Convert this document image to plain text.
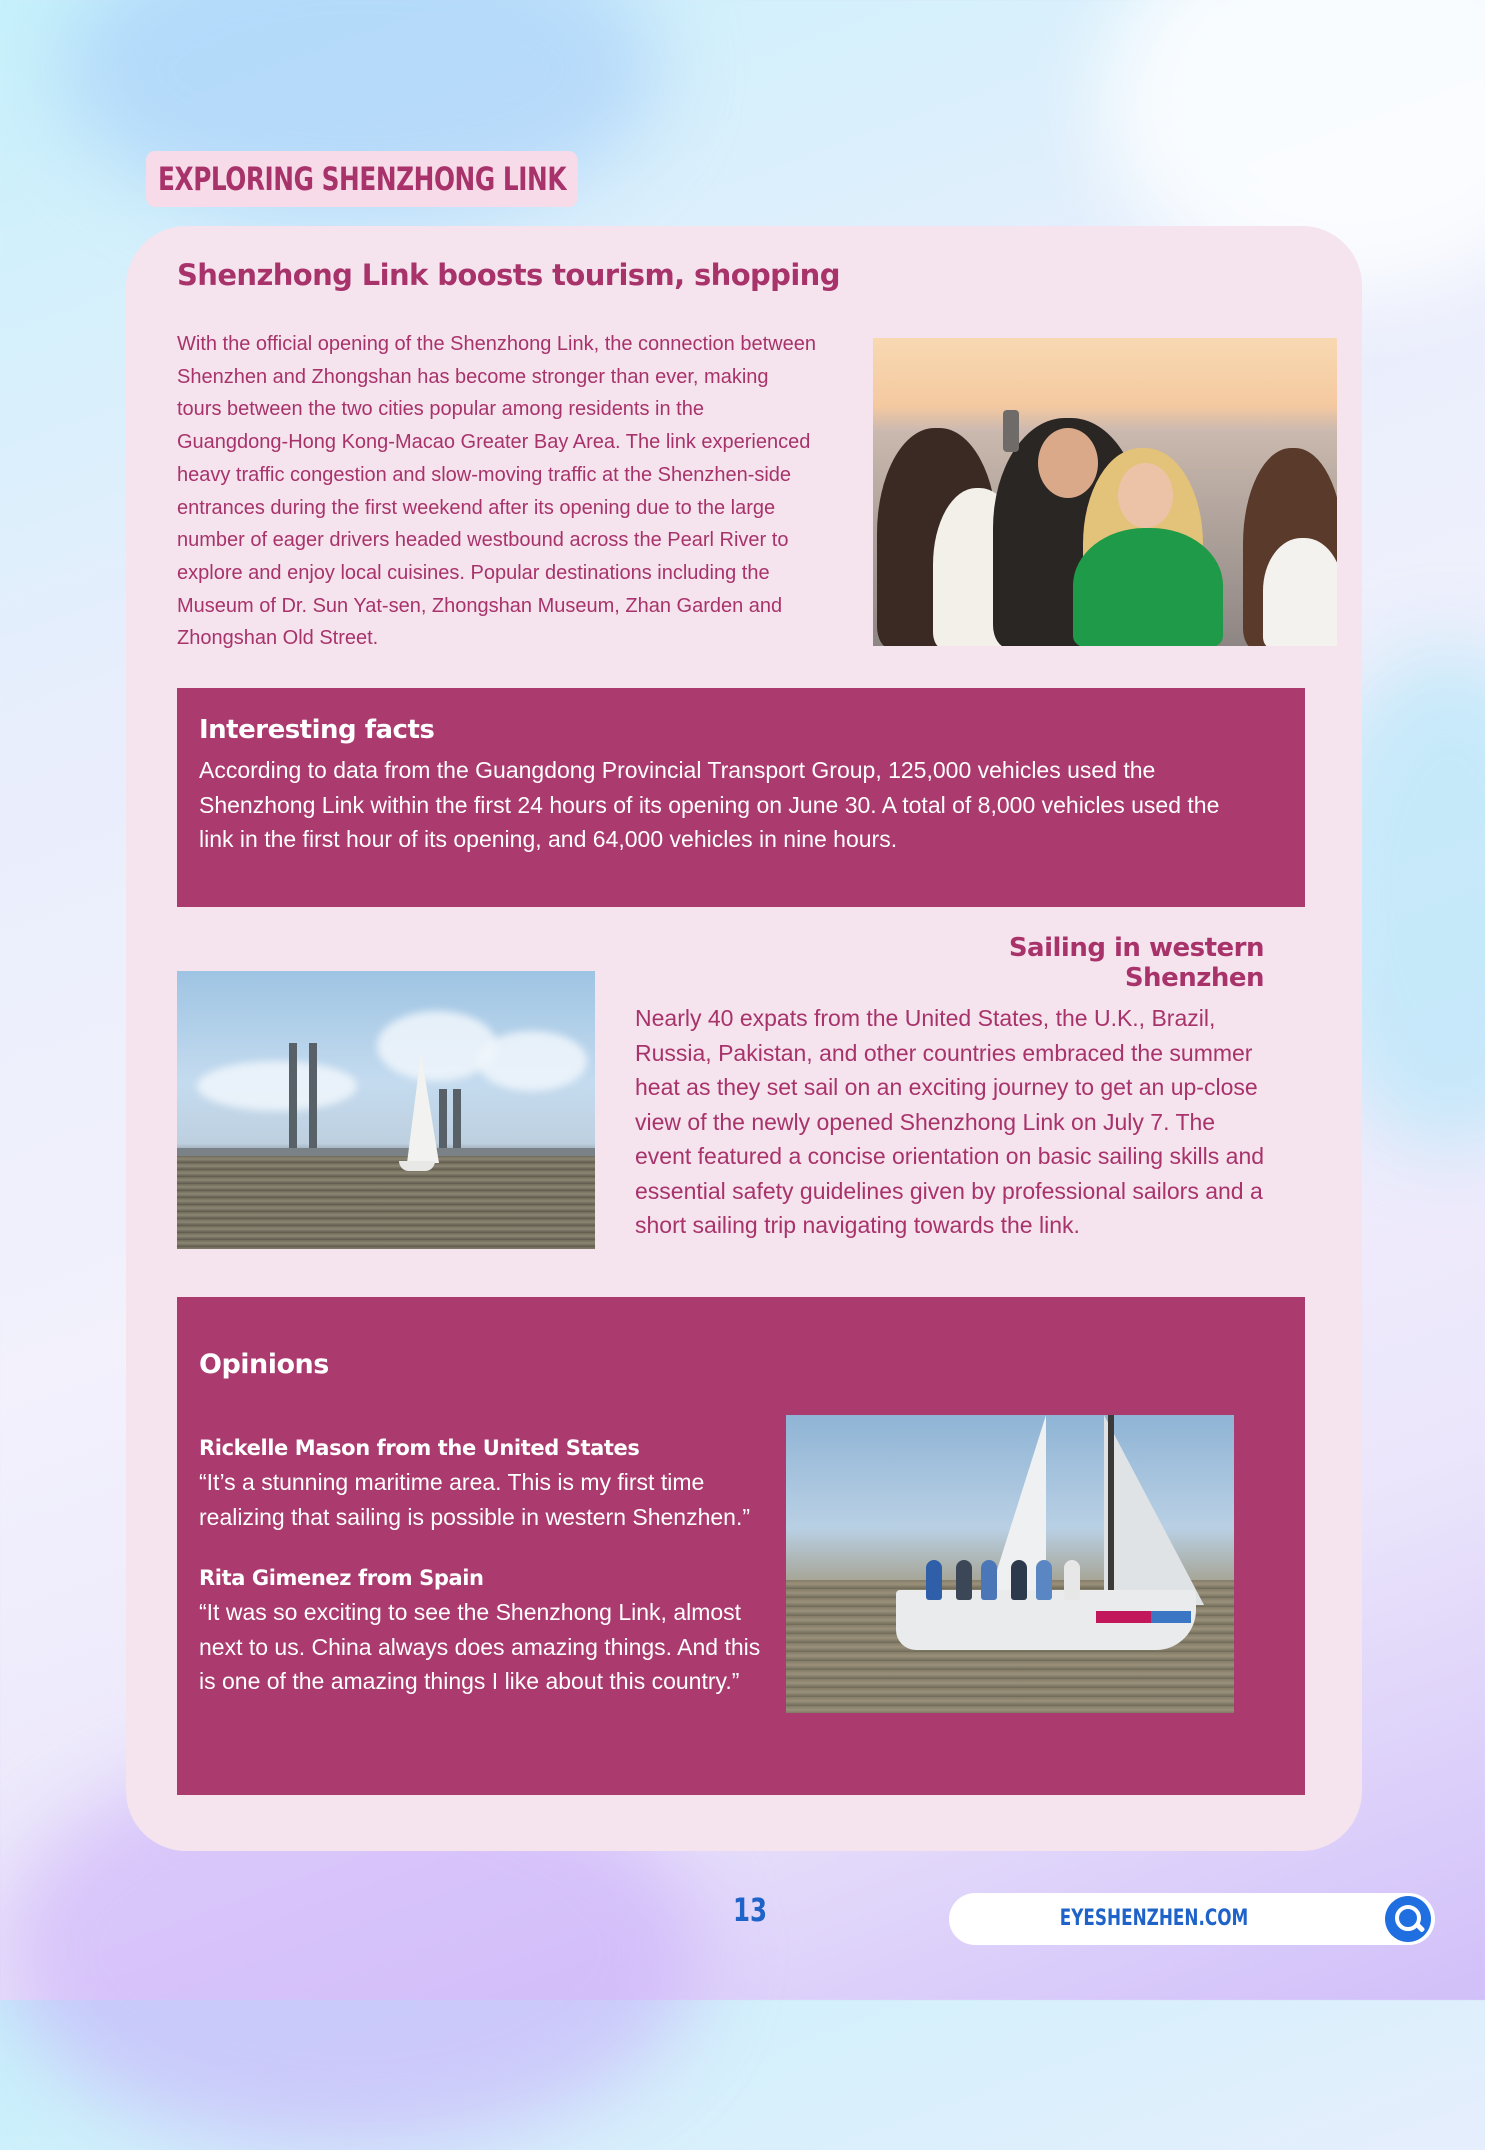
EXPLORING SHENZHONG LINK
Shenzhong Link boosts tourism, shopping

With the official opening of the Shenzhong Link, the connection between Shenzhen and Zhongshan has become stronger than ever, making tours between the two cities popular among residents in the Guangdong-Hong Kong-Macao Greater Bay Area. The link experienced heavy traffic congestion and slow-moving traffic at the Shenzhen-side entrances during the first weekend after its opening due to the large number of eager drivers headed westbound across the Pearl River to explore and enjoy local cuisines. Popular destinations including the Museum of Dr. Sun Yat-sen, Zhongshan Museum, Zhan Garden and Zhongshan Old Street.

Interesting facts

According to data from the Guangdong Provincial Transport Group, 125,000 vehicles used the Shenzhong Link within the first 24 hours of its opening on June 30. A total of 8,000 vehicles used the link in the first hour of its opening, and 64,000 vehicles in nine hours.

Sailing in western Shenzhen

Nearly 40 expats from the United States, the U.K., Brazil, Russia, Pakistan, and other countries embraced the summer heat as they set sail on an exciting journey to get an up-close view of the newly opened Shenzhong Link on July 7. The event featured a concise orientation on basic sailing skills and essential safety guidelines given by professional sailors and a short sailing trip navigating towards the link.

Opinions

Rickelle Mason from the United States

“It’s a stunning maritime area. This is my first time realizing that sailing is possible in western Shenzhen.”

Rita Gimenez from Spain

“It was so exciting to see the Shenzhong Link, almost next to us. China always does amazing things. And this is one of the amazing things I like about this country.”

13	EYESHENZHEN.COM
